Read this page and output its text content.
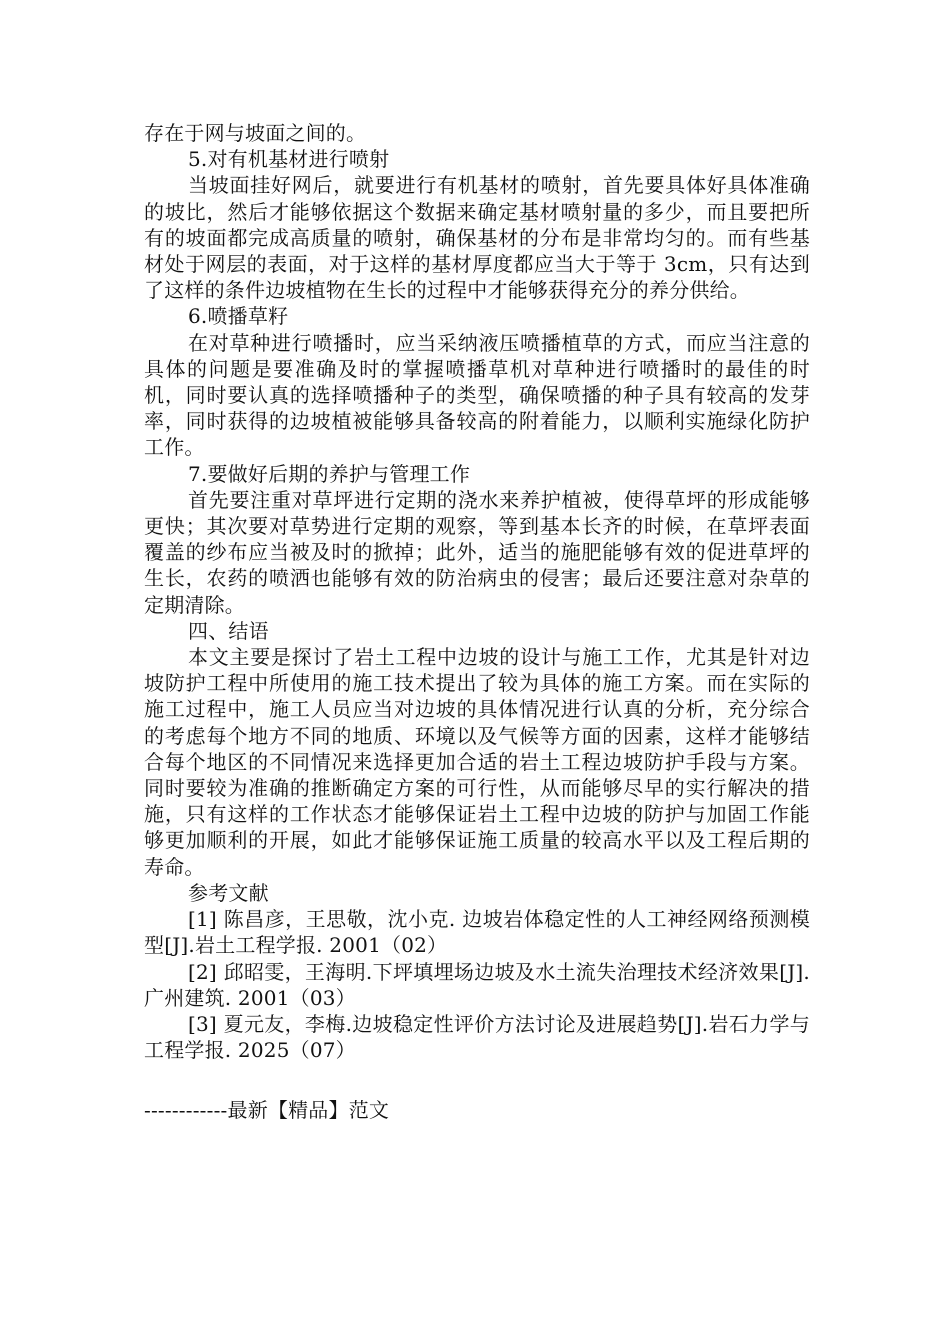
存在于网与坡面之间的。

5.对有机基材进行喷射

当坡面挂好网后，就要进行有机基材的喷射，首先要具体好具体准确的坡比，然后才能够依据这个数据来确定基材喷射量的多少，而且要把所有的坡面都完成高质量的喷射，确保基材的分布是非常均匀的。而有些基材处于网层的表面，对于这样的基材厚度都应当大于等于 3cm，只有达到了这样的条件边坡植物在生长的过程中才能够获得充分的养分供给。

6.喷播草籽

在对草种进行喷播时，应当采纳液压喷播植草的方式，而应当注意的具体的问题是要准确及时的掌握喷播草机对草种进行喷播时的最佳的时机，同时要认真的选择喷播种子的类型，确保喷播的种子具有较高的发芽率，同时获得的边坡植被能够具备较高的附着能力，以顺利实施绿化防护工作。

7.要做好后期的养护与管理工作

首先要注重对草坪进行定期的浇水来养护植被，使得草坪的形成能够更快；其次要对草势进行定期的观察，等到基本长齐的时候，在草坪表面覆盖的纱布应当被及时的掀掉；此外，适当的施肥能够有效的促进草坪的生长，农药的喷洒也能够有效的防治病虫的侵害；最后还要注意对杂草的定期清除。

四、结语

本文主要是探讨了岩土工程中边坡的设计与施工工作，尤其是针对边坡防护工程中所使用的施工技术提出了较为具体的施工方案。而在实际的施工过程中，施工人员应当对边坡的具体情况进行认真的分析，充分综合的考虑每个地方不同的地质、环境以及气候等方面的因素，这样才能够结合每个地区的不同情况来选择更加合适的岩土工程边坡防护手段与方案。同时要较为准确的推断确定方案的可行性，从而能够尽早的实行解决的措施，只有这样的工作状态才能够保证岩土工程中边坡的防护与加固工作能够更加顺利的开展，如此才能够保证施工质量的较高水平以及工程后期的寿命。

参考文献

[1] 陈昌彦，王思敬，沈小克. 边坡岩体稳定性的人工神经网络预测模型[J].岩土工程学报. 2001（02）

[2] 邱昭雯，王海明.下坪填埋场边坡及水土流失治理技术经济效果[J].广州建筑. 2001（03）

[3] 夏元友，李梅.边坡稳定性评价方法讨论及进展趋势[J].岩石力学与工程学报. 2025（07）

------------最新【精品】范文
